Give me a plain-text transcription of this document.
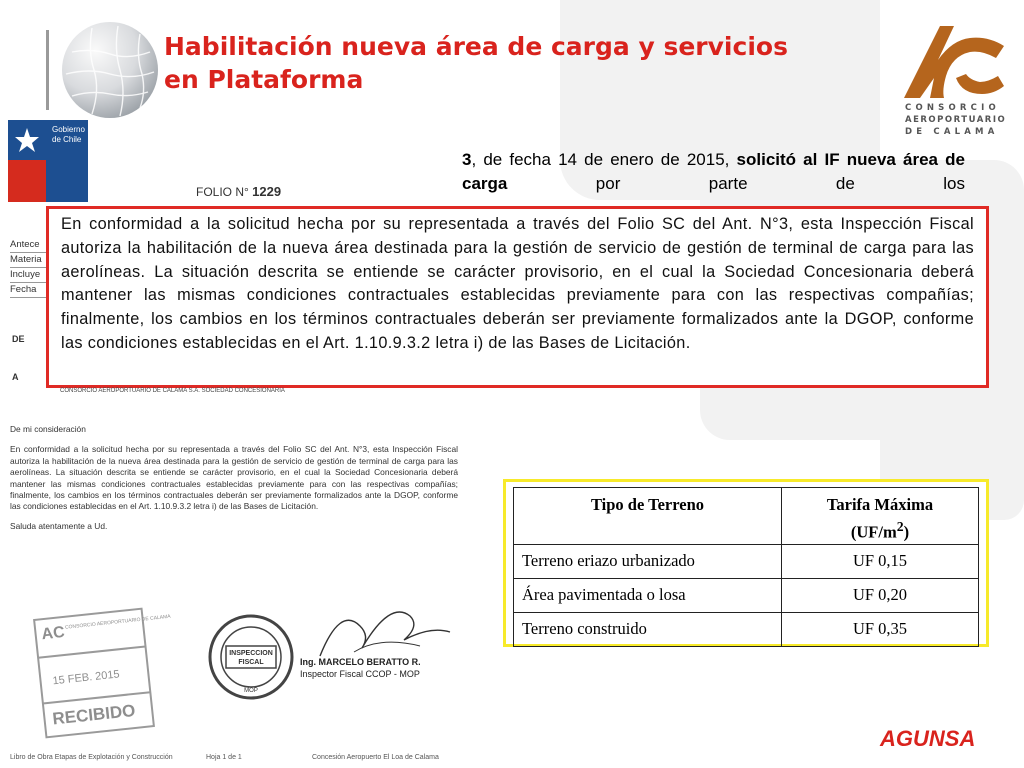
Habilitación nueva área de carga y servicios
en Plataforma
CONSORCIO
AEROPORTUARIO
DE CALAMA
Gobierno
de Chile
FOLIO N° 1229
Antece
Materia
Incluye
Fecha
DE
A
3, de fecha 14 de enero de 2015, solicitó al IF nueva área de carga por parte de los

En conformidad a la solicitud hecha por su representada a través del Folio SC del Ant. N°3, esta Inspección Fiscal autoriza la habilitación de la nueva área destinada para la gestión de servicio de gestión de terminal de carga para las aerolíneas. La situación descrita se entiende se carácter provisorio, en el cual la Sociedad Concesionaria deberá mantener las mismas condiciones contractuales establecidas previamente para con las respectivas compañías; finalmente, los cambios en los términos contractuales deberán ser previamente formalizados ante la DGOP, conforme las condiciones establecidas en el Art. 1.10.9.3.2 letra i) de las Bases de Licitación.

CONSORCIO AEROPORTUARIO DE CALAMA S.A. SOCIEDAD CONCESIONARIA
De mi consideración
En conformidad a la solicitud hecha por su representada a través del Folio SC del Ant. N°3, esta Inspección Fiscal autoriza la habilitación de la nueva área destinada para la gestión de servicio de gestión de terminal de carga para las aerolíneas. La situación descrita se entiende se carácter provisorio, en el cual la Sociedad Concesionaria deberá mantener las mismas condiciones contractuales establecidas previamente para con las respectivas compañías; finalmente, los cambios en los términos contractuales deberán ser previamente formalizados ante la DGOP, conforme las condiciones establecidas en el Art. 1.10.9.3.2 letra i) de las Bases de Licitación.
Saluda atentamente a Ud.
Tipo de Terreno	Tarifa Máxima
$(UF/m^2)$

Terreno eriazo urbanizado	UF 0,15
Área pavimentada o losa	UF 0,20
Terreno construido	UF 0,35
AC
CONSORCIO AEROPORTUARIO DE CALAMA
15 FEB. 2015
RECIBIDO
INSPECCION
FISCAL
MOP
Ing. MARCELO BERATTO R.
Inspector Fiscal CCOP - MOP
Libro de Obra Etapas de Explotación y Construcción	Hoja 1 de 1	Concesión Aeropuerto El Loa de Calama
AGUNSA
